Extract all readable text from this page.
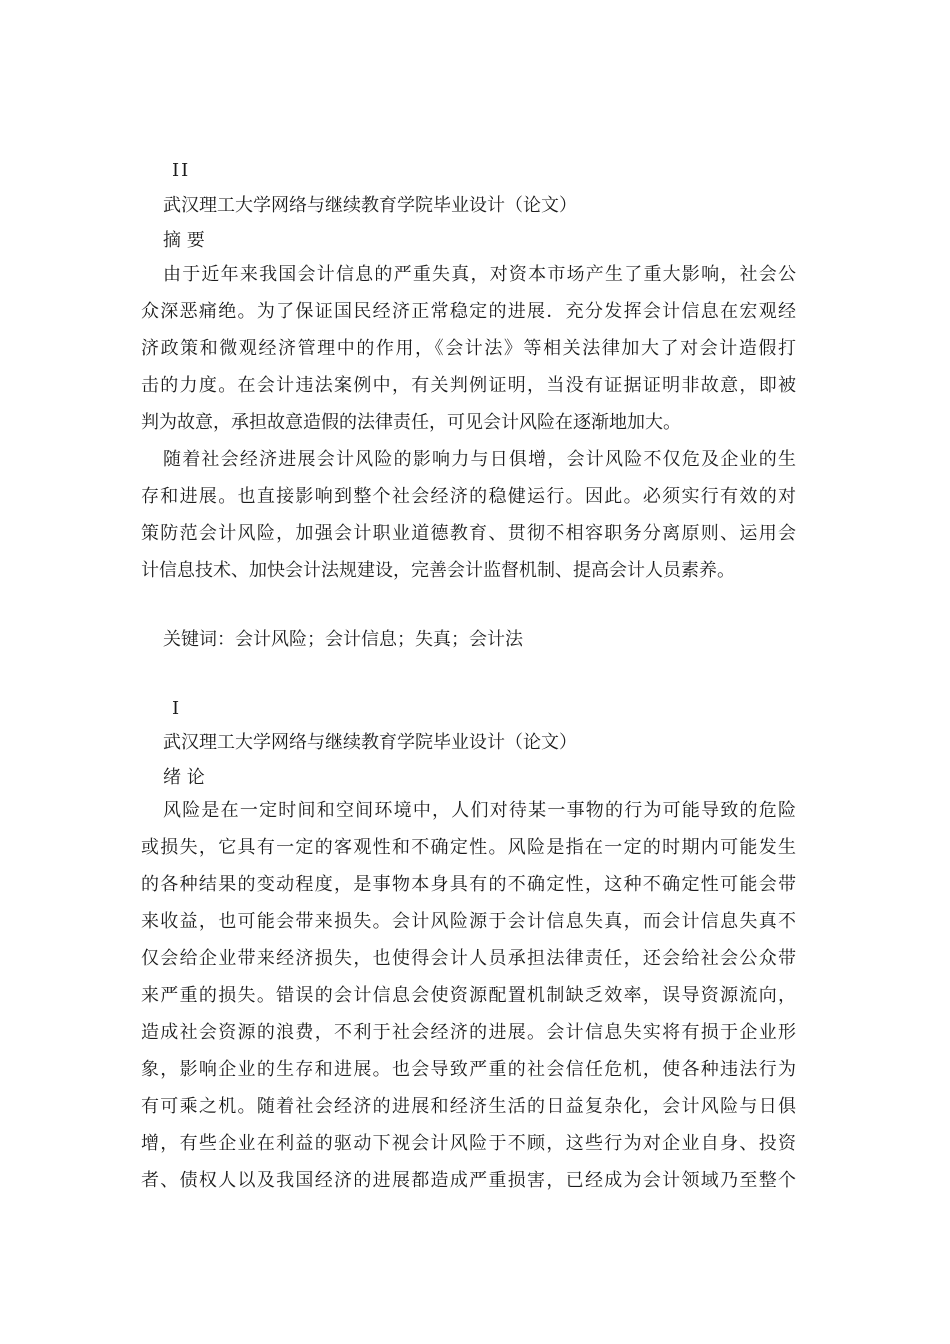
II
武汉理工大学网络与继续教育学院毕业设计（论文）
摘 要
由于近年来我国会计信息的严重失真，对资本市场产生了重大影响，社会公
众深恶痛绝。为了保证国民经济正常稳定的进展．充分发挥会计信息在宏观经
济政策和微观经济管理中的作用，《会计法》等相关法律加大了对会计造假打
击的力度。在会计违法案例中，有关判例证明，当没有证据证明非故意，即被
判为故意，承担故意造假的法律责任，可见会计风险在逐渐地加大。
随着社会经济进展会计风险的影响力与日俱增，会计风险不仅危及企业的生
存和进展。也直接影响到整个社会经济的稳健运行。因此。必须实行有效的对
策防范会计风险，加强会计职业道德教育、贯彻不相容职务分离原则、运用会
计信息技术、加快会计法规建设，完善会计监督机制、提高会计人员素养。
关键词：会计风险；会计信息；失真；会计法
I
武汉理工大学网络与继续教育学院毕业设计（论文）
绪 论
风险是在一定时间和空间环境中，人们对待某一事物的行为可能导致的危险
或损失，它具有一定的客观性和不确定性。风险是指在一定的时期内可能发生
的各种结果的变动程度，是事物本身具有的不确定性，这种不确定性可能会带
来收益，也可能会带来损失。会计风险源于会计信息失真，而会计信息失真不
仅会给企业带来经济损失，也使得会计人员承担法律责任，还会给社会公众带
来严重的损失。错误的会计信息会使资源配置机制缺乏效率，误导资源流向，
造成社会资源的浪费，不利于社会经济的进展。会计信息失实将有损于企业形
象，影响企业的生存和进展。也会导致严重的社会信任危机，使各种违法行为
有可乘之机。随着社会经济的进展和经济生活的日益复杂化，会计风险与日俱
增，有些企业在利益的驱动下视会计风险于不顾，这些行为对企业自身、投资
者、债权人以及我国经济的进展都造成严重损害，已经成为会计领域乃至整个
